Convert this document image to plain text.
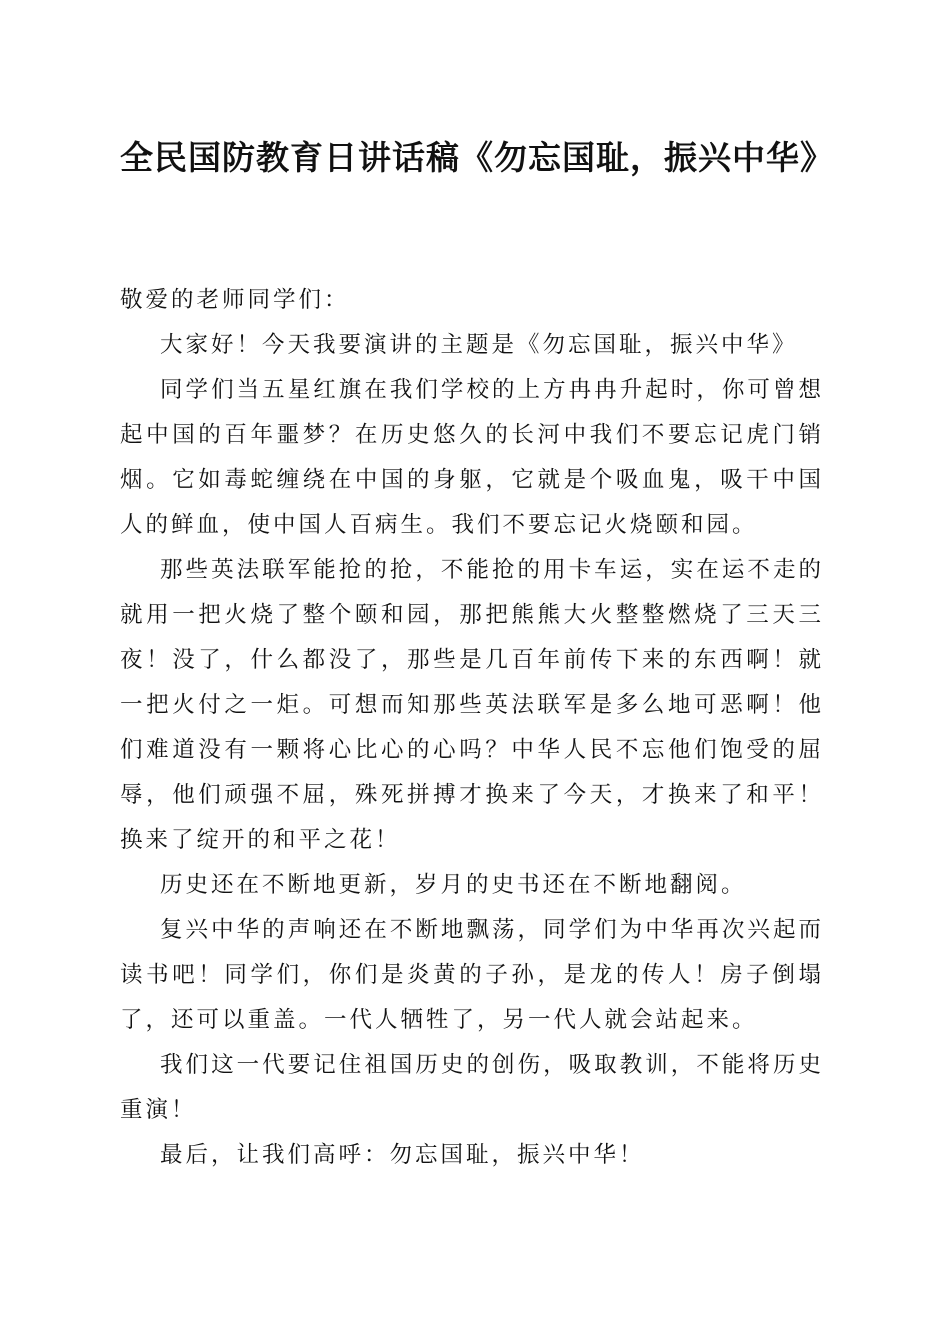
全民国防教育日讲话稿《勿忘国耻，振兴中华》

敬爱的老师同学们：

大家好！今天我要演讲的主题是《勿忘国耻，振兴中华》

同学们当五星红旗在我们学校的上方冉冉升起时，你可曾想起中国的百年噩梦？在历史悠久的长河中我们不要忘记虎门销烟。它如毒蛇缠绕在中国的身躯，它就是个吸血鬼，吸干中国人的鲜血，使中国人百病生。我们不要忘记火烧颐和园。

那些英法联军能抢的抢，不能抢的用卡车运，实在运不走的就用一把火烧了整个颐和园，那把熊熊大火整整燃烧了三天三夜！没了，什么都没了，那些是几百年前传下来的东西啊！就一把火付之一炬。可想而知那些英法联军是多么地可恶啊！他们难道没有一颗将心比心的心吗？中华人民不忘他们饱受的屈辱，他们顽强不屈，殊死拼搏才换来了今天，才换来了和平！换来了绽开的和平之花！

历史还在不断地更新，岁月的史书还在不断地翻阅。

复兴中华的声响还在不断地飘荡，同学们为中华再次兴起而读书吧！同学们，你们是炎黄的子孙，是龙的传人！房子倒塌了，还可以重盖。一代人牺牲了，另一代人就会站起来。

我们这一代要记住祖国历史的创伤，吸取教训，不能将历史重演！

最后，让我们高呼：勿忘国耻，振兴中华！
